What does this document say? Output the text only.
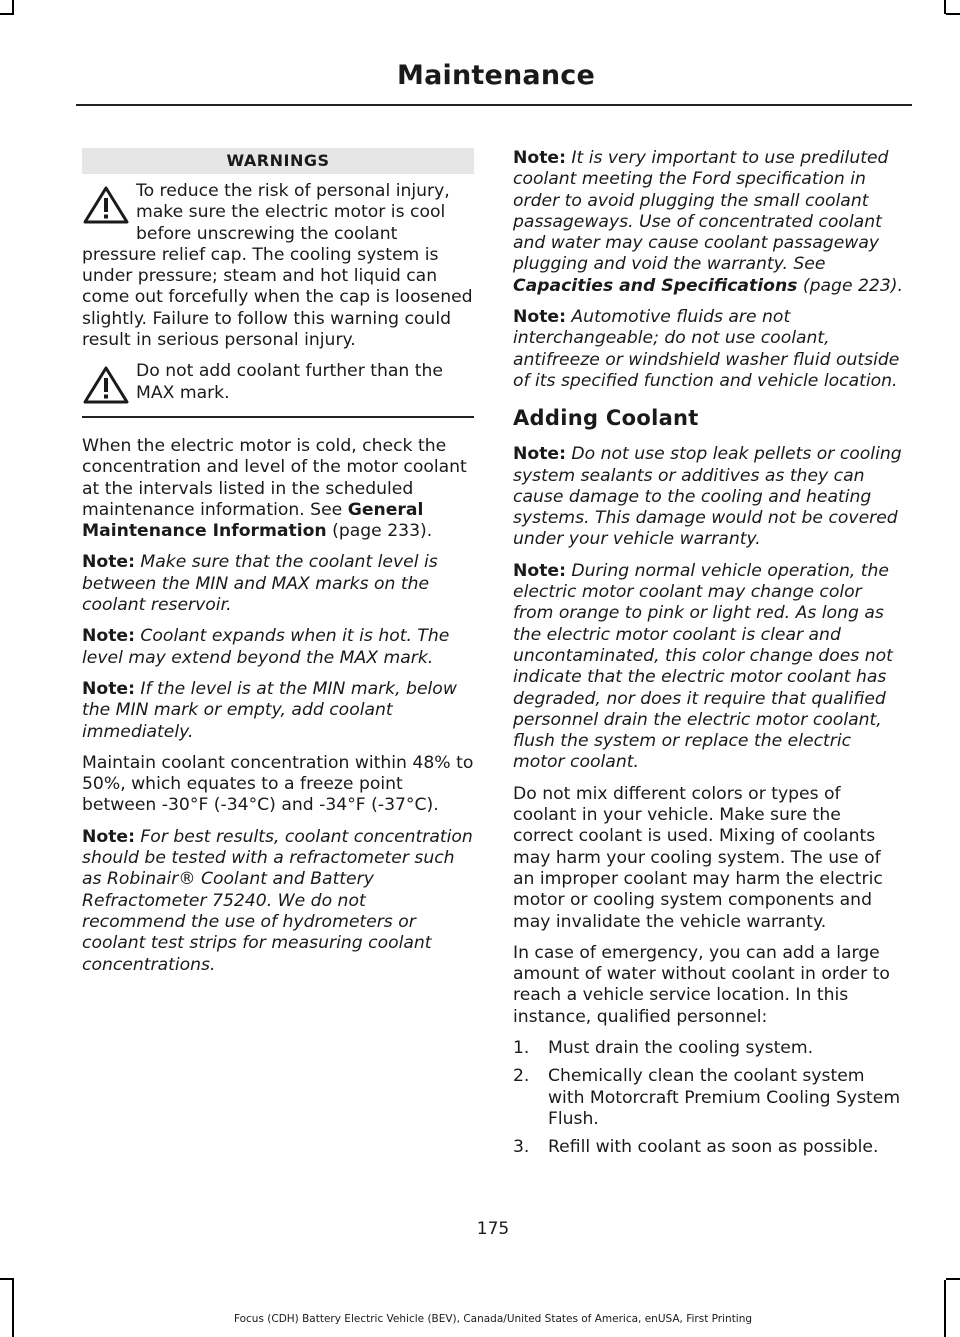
Maintenance
WARNINGS

To reduce the risk of personal injury, make sure the electric motor is cool before unscrewing the coolant pressure relief cap. The cooling system is under pressure; steam and hot liquid can come out forcefully when the cap is loosened slightly. Failure to follow this warning could result in serious personal injury.

Do not add coolant further than the MAX mark.

When the electric motor is cold, check the concentration and level of the motor coolant at the intervals listed in the scheduled maintenance information. See General Maintenance Information (page 233).

Note: Make sure that the coolant level is between the MIN and MAX marks on the coolant reservoir.

Note: Coolant expands when it is hot. The level may extend beyond the MAX mark.

Note: If the level is at the MIN mark, below the MIN mark or empty, add coolant immediately.

Maintain coolant concentration within 48% to 50%, which equates to a freeze point between -30°F (-34°C) and -34°F (-37°C).

Note: For best results, coolant concentration should be tested with a refractometer such as Robinair® Coolant and Battery Refractometer 75240. We do not recommend the use of hydrometers or coolant test strips for measuring coolant concentrations.

Note: It is very important to use prediluted coolant meeting the Ford specification in order to avoid plugging the small coolant passageways. Use of concentrated coolant and water may cause coolant passageway plugging and void the warranty. See Capacities and Specifications (page 223).

Note: Automotive fluids are not interchangeable; do not use coolant, antifreeze or windshield washer fluid outside of its specified function and vehicle location.

Adding Coolant

Note: Do not use stop leak pellets or cooling system sealants or additives as they can cause damage to the cooling and heating systems. This damage would not be covered under your vehicle warranty.

Note: During normal vehicle operation, the electric motor coolant may change color from orange to pink or light red. As long as the electric motor coolant is clear and uncontaminated, this color change does not indicate that the electric motor coolant has degraded, nor does it require that qualified personnel drain the electric motor coolant, flush the system or replace the electric motor coolant.

Do not mix different colors or types of coolant in your vehicle. Make sure the correct coolant is used. Mixing of coolants may harm your cooling system. The use of an improper coolant may harm the electric motor or cooling system components and may invalidate the vehicle warranty.

In case of emergency, you can add a large amount of water without coolant in order to reach a vehicle service location. In this instance, qualified personnel:

1. Must drain the cooling system.
2. Chemically clean the coolant system with Motorcraft Premium Cooling System Flush.
3. Refill with coolant as soon as possible.
175
Focus (CDH) Battery Electric Vehicle (BEV), Canada/United States of America, enUSA, First Printing
